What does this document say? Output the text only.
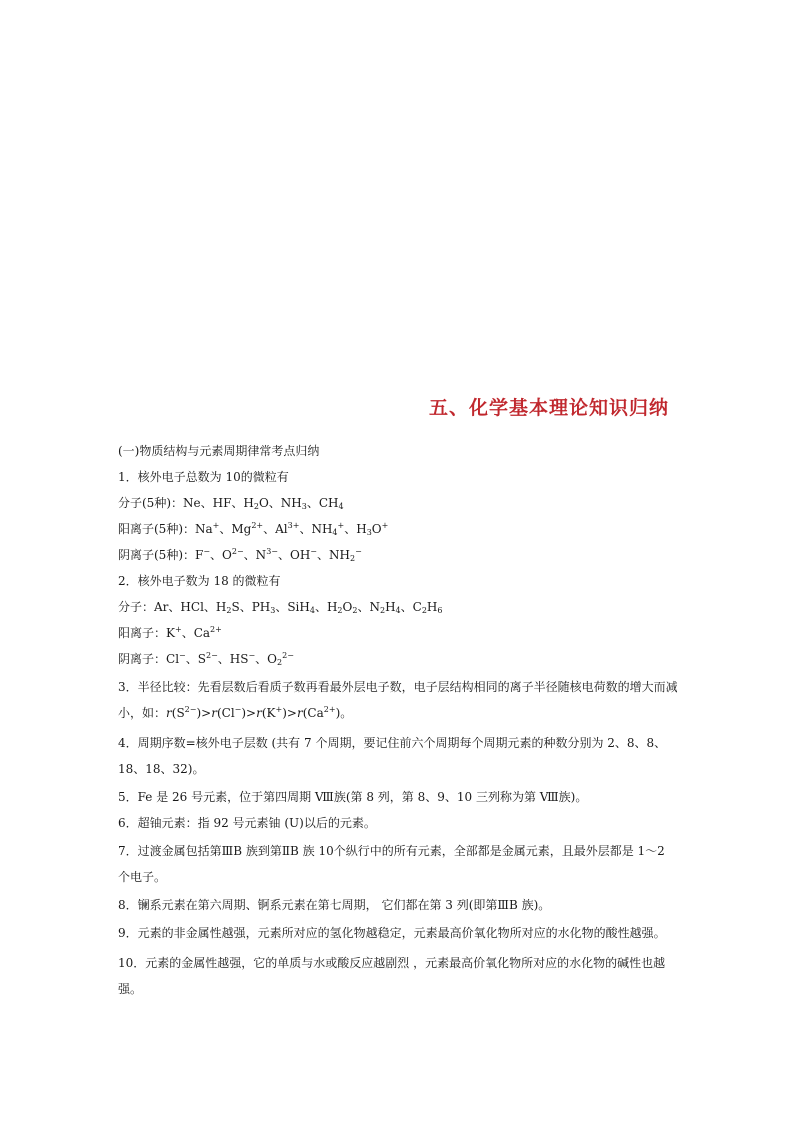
五、化学基本理论知识归纳
(一)物质结构与元素周期律常考点归纳
1．核外电子总数为 10的微粒有
分子(5种)：Ne、HF、$H_2O$、$NH_3$、$CH_4$
阳离子(5种)：Na+、$Mg^{2+}$、$Al^{3+}$、$NH_4^+$、$H_3O^+$
阴离子(5种)：F−、$O^{2-}$、$N^{3-}$、OH−、$NH_2^-$
2．核外电子数为 18 的微粒有
分子：Ar、HCl、$H_2S$、$PH_3$、SiH$_4$、$H_2O_2$、$N_2H_4$、$C_2H_6$
阳离子：K+、$Ca^{2+}$
阴离子：Cl−、$S^{2-}$、HS−、$O_2^{2-}$
3．半径比较：先看层数后看质子数再看最外层电子数，电子层结构相同的离子半径随核电荷数的增大而减小，如：$r(S^{2-})>r(Cl^-)>r(K^+)>r(Ca^{2+})$。
4．周期序数=核外电子层数 (共有 7 个周期，要记住前六个周期每个周期元素的种数分别为 2、8、8、18、18、32)。
5．Fe 是 26 号元素，位于第四周期 Ⅷ族(第 8 列，第 8、9、10 三列称为第 Ⅷ族)。
6．超铀元素：指 92 号元素铀 (U)以后的元素。
7．过渡金属包括第ⅢB 族到第ⅡB 族 10个纵行中的所有元素，全部都是金属元素，且最外层都是 1～2 个电子。
8．镧系元素在第六周期、锕系元素在第七周期， 它们都在第 3 列(即第ⅢB 族)。
9．元素的非金属性越强，元素所对应的氢化物越稳定，元素最高价氧化物所对应的水化物的酸性越强。
10．元素的金属性越强，它的单质与水或酸反应越剧烈 ，元素最高价氧化物所对应的水化物的碱性也越强。
